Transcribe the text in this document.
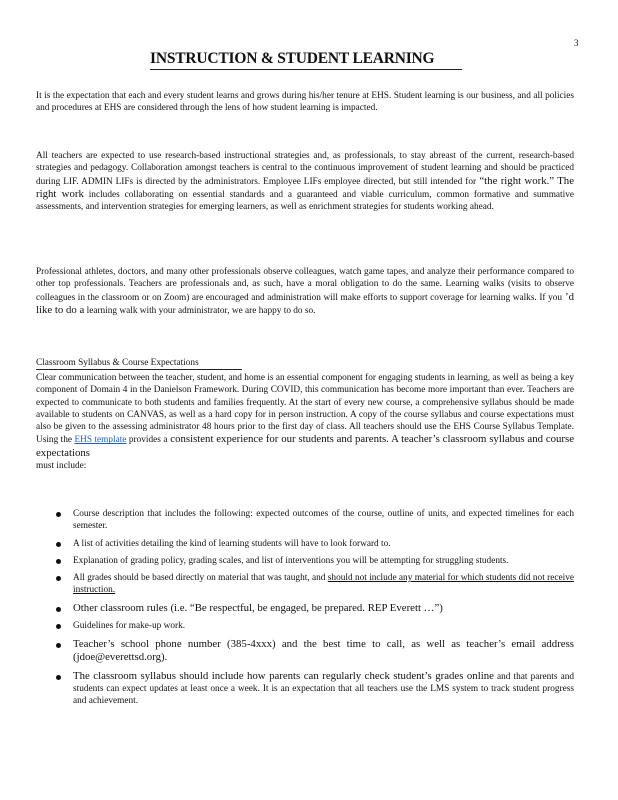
3
INSTRUCTION & STUDENT LEARNING

It is the expectation that each and every student learns and grows during his/her tenure at EHS. Student learning is our business, and all policies and procedures at EHS are considered through the lens of how student learning is impacted.

All teachers are expected to use research-based instructional strategies and, as professionals, to stay abreast of the current, research-based strategies and pedagogy. Collaboration amongst teachers is central to the continuous improvement of student learning and should be practiced during LIF. ADMIN LIFs is directed by the administrators. Employee LIFs employee directed, but still intended for “the right work.” The right work includes collaborating on essential standards and a guaranteed and viable curriculum, common formative and summative assessments, and intervention strategies for emerging learners, as well as enrichment strategies for students working ahead.

Professional athletes, doctors, and many other professionals observe colleagues, watch game tapes, and analyze their performance compared to other top professionals. Teachers are professionals and, as such, have a moral obligation to do the same. Learning walks (visits to observe colleagues in the classroom or on Zoom) are encouraged and administration will make efforts to support coverage for learning walks. If you ’d like to do a learning walk with your administrator, we are happy to do so.

Classroom Syllabus & Course Expectations

Clear communication between the teacher, student, and home is an essential component for engaging students in learning, as well as being a key component of Domain 4 in the Danielson Framework. During COVID, this communication has become more important than ever. Teachers are expected to communicate to both students and families frequently. At the start of every new course, a comprehensive syllabus should be made available to students on CANVAS, as well as a hard copy for in person instruction. A copy of the course syllabus and course expectations must also be given to the assessing administrator 48 hours prior to the first day of class. All teachers should use the EHS Course Syllabus Template. Using the EHS template provides a consistent experience for our students and parents. A teacher’s classroom syllabus and course expectations
must include:

Course description that includes the following: expected outcomes of the course, outline of units, and expected timelines for each semester.
A list of activities detailing the kind of learning students will have to look forward to.
Explanation of grading policy, grading scales, and list of interventions you will be attempting for struggling students.
All grades should be based directly on material that was taught, and should not include any material for which students did not receive instruction.
Other classroom rules (i.e. “Be respectful, be engaged, be prepared. REP Everett …”)
Guidelines for make-up work.
Teacher’s school phone number (385-4xxx) and the best time to call, as well as teacher’s email address (jdoe@everettsd.org).
The classroom syllabus should include how parents can regularly check student’s grades online and that parents and students can expect updates at least once a week. It is an expectation that all teachers use the LMS system to track student progress and achievement.
